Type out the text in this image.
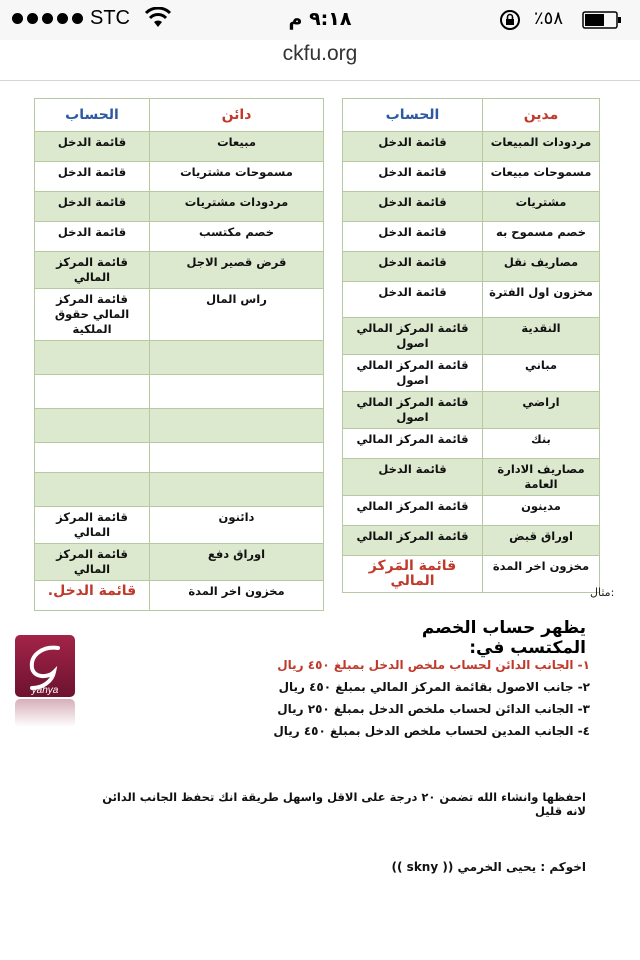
STC	٩:١٨ م	٪٥٨
ckfu.org
مدين	الحساب
مردودات المبيعات	قائمة الدخل
مسموحات مبيعات	قائمة الدخل
مشتريات	قائمة الدخل
خصم مسموح به	قائمة الدخل
مصاريف نقل	قائمة الدخل
مخزون اول الفترة	قائمة الدخل
النقدية	قائمة المركز المالي اصول
مباني	قائمة المركز المالي اصول
اراضي	قائمة المركز المالي اصول
بنك	قائمة المركز المالي
مصاريف الادارة العامة	قائمة الدخل
مدينون	قائمة المركز المالي
اوراق قبض	قائمة المركز المالي
مخزون اخر المدة	قائمة المَركز المالي
دائن	الحساب
مبيعات	قائمة الدخل
مسموحات مشتريات	قائمة الدخل
مردودات مشتريات	قائمة الدخل
خصم مكتسب	قائمة الدخل
قرض قصير الاجل	قائمة المركز المالي
راس المال	قائمة المركز المالي حقوق الملكية

دائنون	قائمة المركز المالي
اوراق دفع	قائمة المركز المالي
مخزون اخر المدة	قائمة الدخل.	مثال:
يظهر حساب الخصم المكتسب في:
yahya
١- الجانب الدائن لحساب ملخص الدخل بمبلغ ٤٥٠ ريال
٢- جانب الاصول بقائمة المركز المالي بمبلغ ٤٥٠ ريال
٣- الجانب الدائن لحساب ملخص الدخل بمبلغ ٢٥٠ ريال
٤- الجانب المدين لحساب ملخص الدخل بمبلغ ٤٥٠ ريال
احفظها وانشاء الله تضمن ٢٠ درجة على الاقل واسهل طريقة انك تحفظ الجانب الدائن لانه قليل
اخوكم : يحيى الخرمي (( skny ))
